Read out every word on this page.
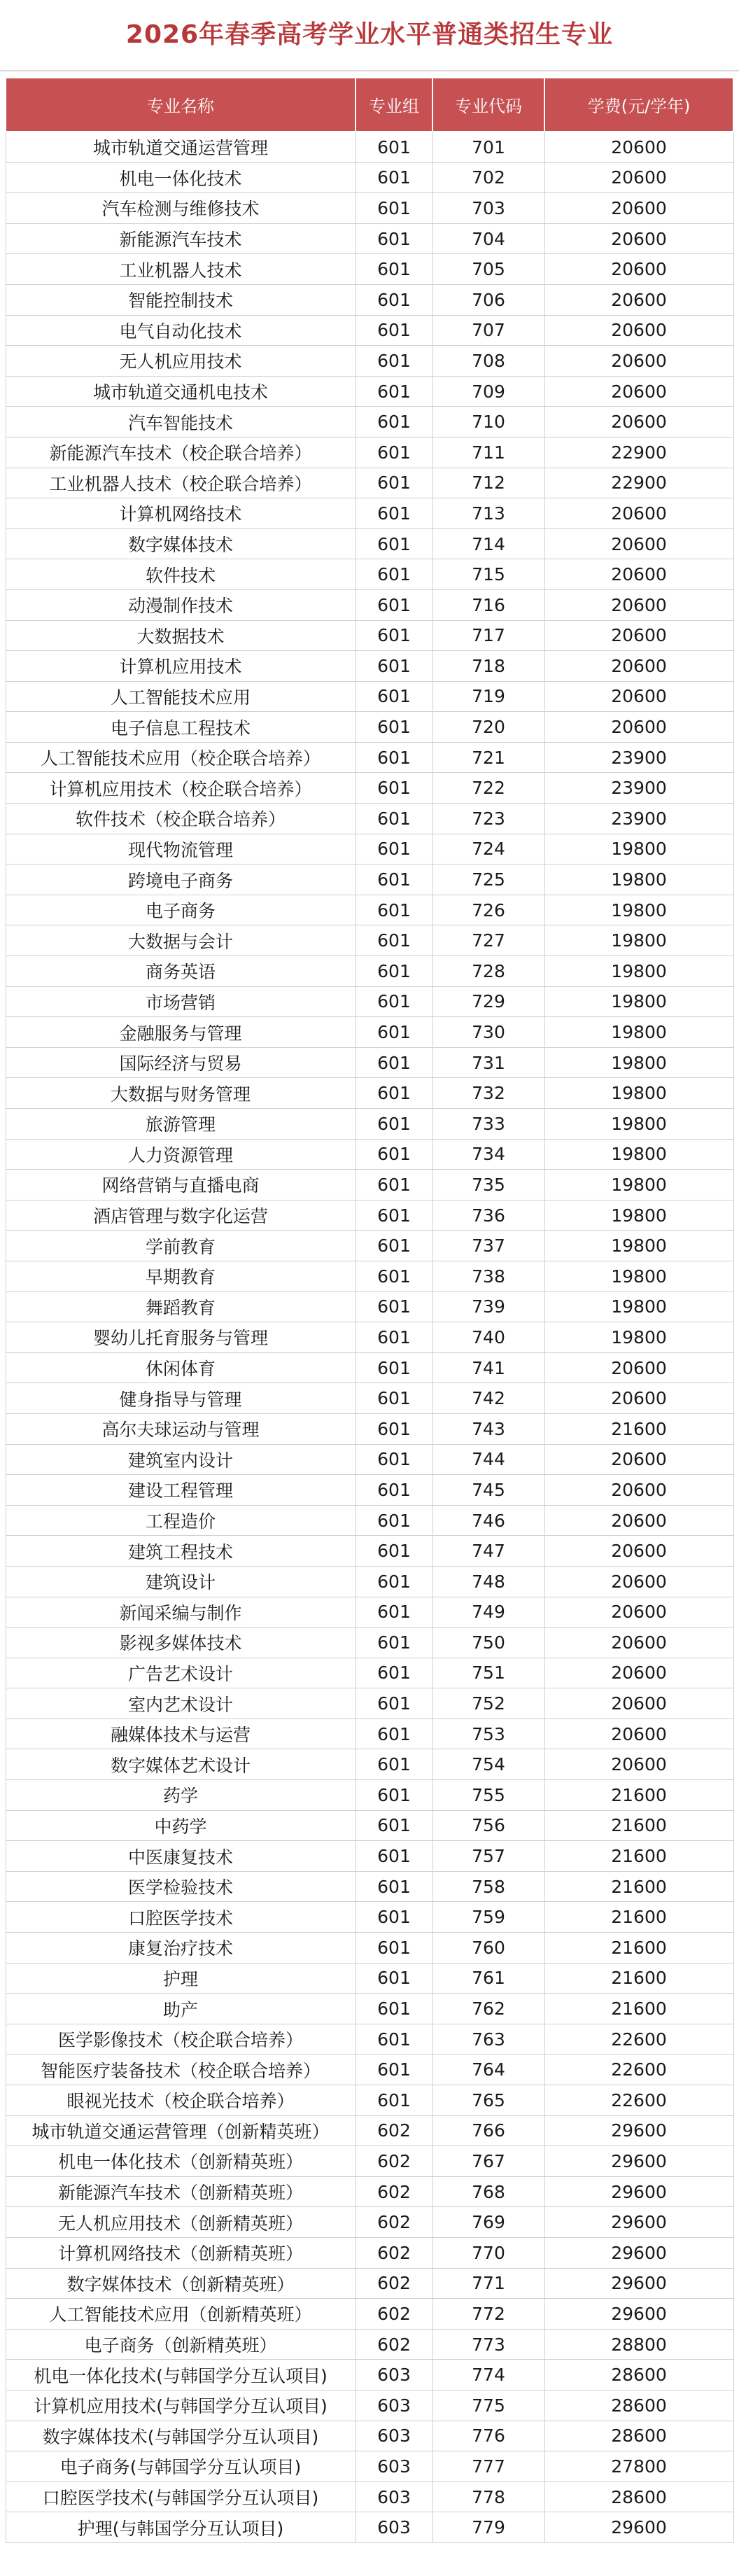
2026年春季高考学业水平普通类招生专业
专业名称	专业组	专业代码	学费(元/学年)
城市轨道交通运营管理	601	701	20600
机电一体化技术	601	702	20600
汽车检测与维修技术	601	703	20600
新能源汽车技术	601	704	20600
工业机器人技术	601	705	20600
智能控制技术	601	706	20600
电气自动化技术	601	707	20600
无人机应用技术	601	708	20600
城市轨道交通机电技术	601	709	20600
汽车智能技术	601	710	20600
新能源汽车技术（校企联合培养）	601	711	22900
工业机器人技术（校企联合培养）	601	712	22900
计算机网络技术	601	713	20600
数字媒体技术	601	714	20600
软件技术	601	715	20600
动漫制作技术	601	716	20600
大数据技术	601	717	20600
计算机应用技术	601	718	20600
人工智能技术应用	601	719	20600
电子信息工程技术	601	720	20600
人工智能技术应用（校企联合培养）	601	721	23900
计算机应用技术（校企联合培养）	601	722	23900
软件技术（校企联合培养）	601	723	23900
现代物流管理	601	724	19800
跨境电子商务	601	725	19800
电子商务	601	726	19800
大数据与会计	601	727	19800
商务英语	601	728	19800
市场营销	601	729	19800
金融服务与管理	601	730	19800
国际经济与贸易	601	731	19800
大数据与财务管理	601	732	19800
旅游管理	601	733	19800
人力资源管理	601	734	19800
网络营销与直播电商	601	735	19800
酒店管理与数字化运营	601	736	19800
学前教育	601	737	19800
早期教育	601	738	19800
舞蹈教育	601	739	19800
婴幼儿托育服务与管理	601	740	19800
休闲体育	601	741	20600
健身指导与管理	601	742	20600
高尔夫球运动与管理	601	743	21600
建筑室内设计	601	744	20600
建设工程管理	601	745	20600
工程造价	601	746	20600
建筑工程技术	601	747	20600
建筑设计	601	748	20600
新闻采编与制作	601	749	20600
影视多媒体技术	601	750	20600
广告艺术设计	601	751	20600
室内艺术设计	601	752	20600
融媒体技术与运营	601	753	20600
数字媒体艺术设计	601	754	20600
药学	601	755	21600
中药学	601	756	21600
中医康复技术	601	757	21600
医学检验技术	601	758	21600
口腔医学技术	601	759	21600
康复治疗技术	601	760	21600
护理	601	761	21600
助产	601	762	21600
医学影像技术（校企联合培养）	601	763	22600
智能医疗装备技术（校企联合培养）	601	764	22600
眼视光技术（校企联合培养）	601	765	22600
城市轨道交通运营管理（创新精英班）	602	766	29600
机电一体化技术（创新精英班）	602	767	29600
新能源汽车技术（创新精英班）	602	768	29600
无人机应用技术（创新精英班）	602	769	29600
计算机网络技术（创新精英班）	602	770	29600
数字媒体技术（创新精英班）	602	771	29600
人工智能技术应用（创新精英班）	602	772	29600
电子商务（创新精英班）	602	773	28800
机电一体化技术(与韩国学分互认项目)	603	774	28600
计算机应用技术(与韩国学分互认项目)	603	775	28600
数字媒体技术(与韩国学分互认项目)	603	776	28600
电子商务(与韩国学分互认项目)	603	777	27800
口腔医学技术(与韩国学分互认项目)	603	778	28600
护理(与韩国学分互认项目)	603	779	29600
